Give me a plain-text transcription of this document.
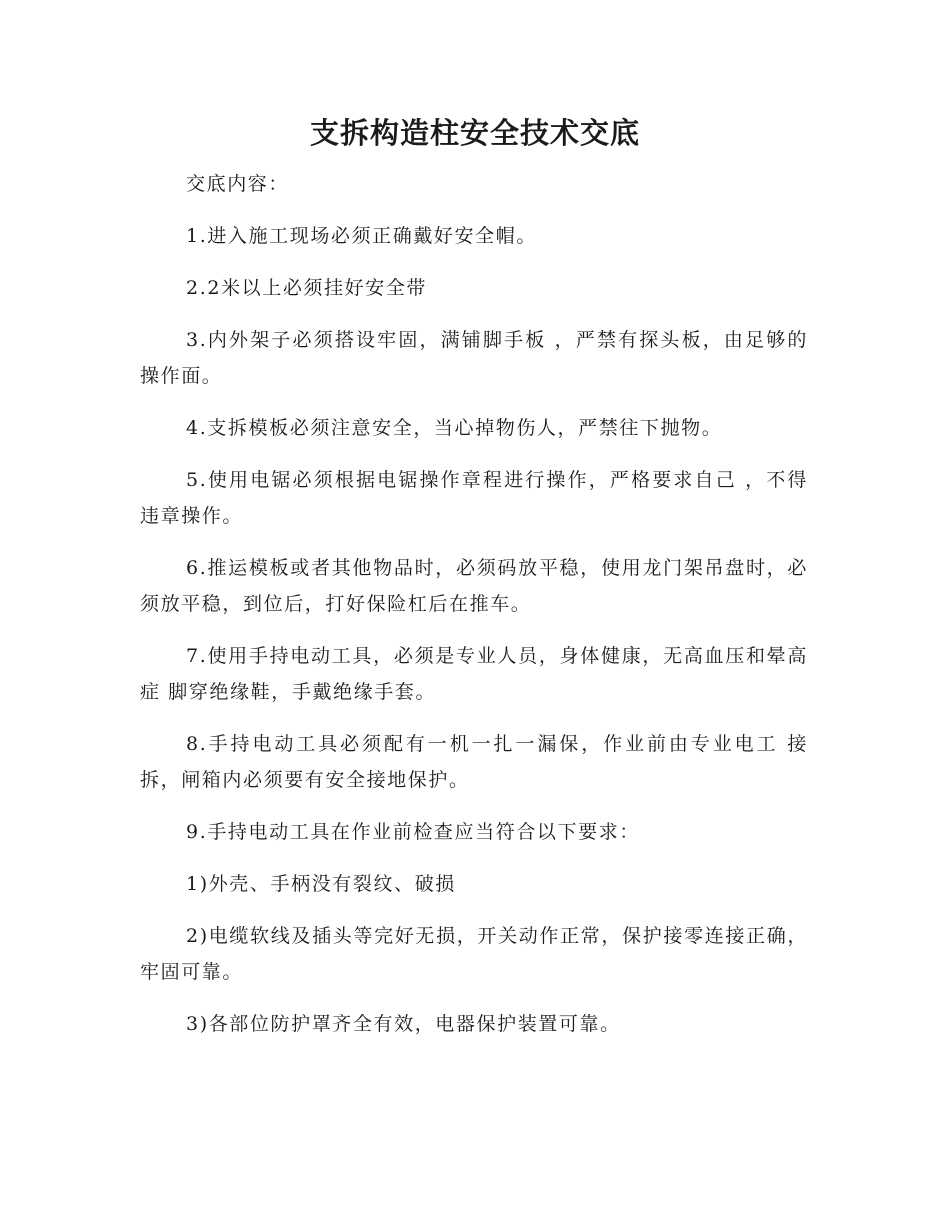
支拆构造柱安全技术交底

交底内容：

1.进入施工现场必须正确戴好安全帽。

2.2米以上必须挂好安全带

3.内外架子必须搭设牢固，满铺脚手板 ，严禁有探头板，由足够的操作面。

4.支拆模板必须注意安全，当心掉物伤人，严禁往下抛物。

5.使用电锯必须根据电锯操作章程进行操作，严格要求自己 ，不得违章操作。

6.推运模板或者其他物品时，必须码放平稳，使用龙门架吊盘时，必须放平稳，到位后，打好保险杠后在推车。

7.使用手持电动工具，必须是专业人员，身体健康，无高血压和晕高症 脚穿绝缘鞋，手戴绝缘手套。

8.手持电动工具必须配有一机一扎一漏保，作业前由专业电工 接拆，闸箱内必须要有安全接地保护。

9.手持电动工具在作业前检查应当符合以下要求：

1)外壳、手柄没有裂纹、破损

2)电缆软线及插头等完好无损，开关动作正常，保护接零连接正确，牢固可靠。

3)各部位防护罩齐全有效，电器保护装置可靠。
